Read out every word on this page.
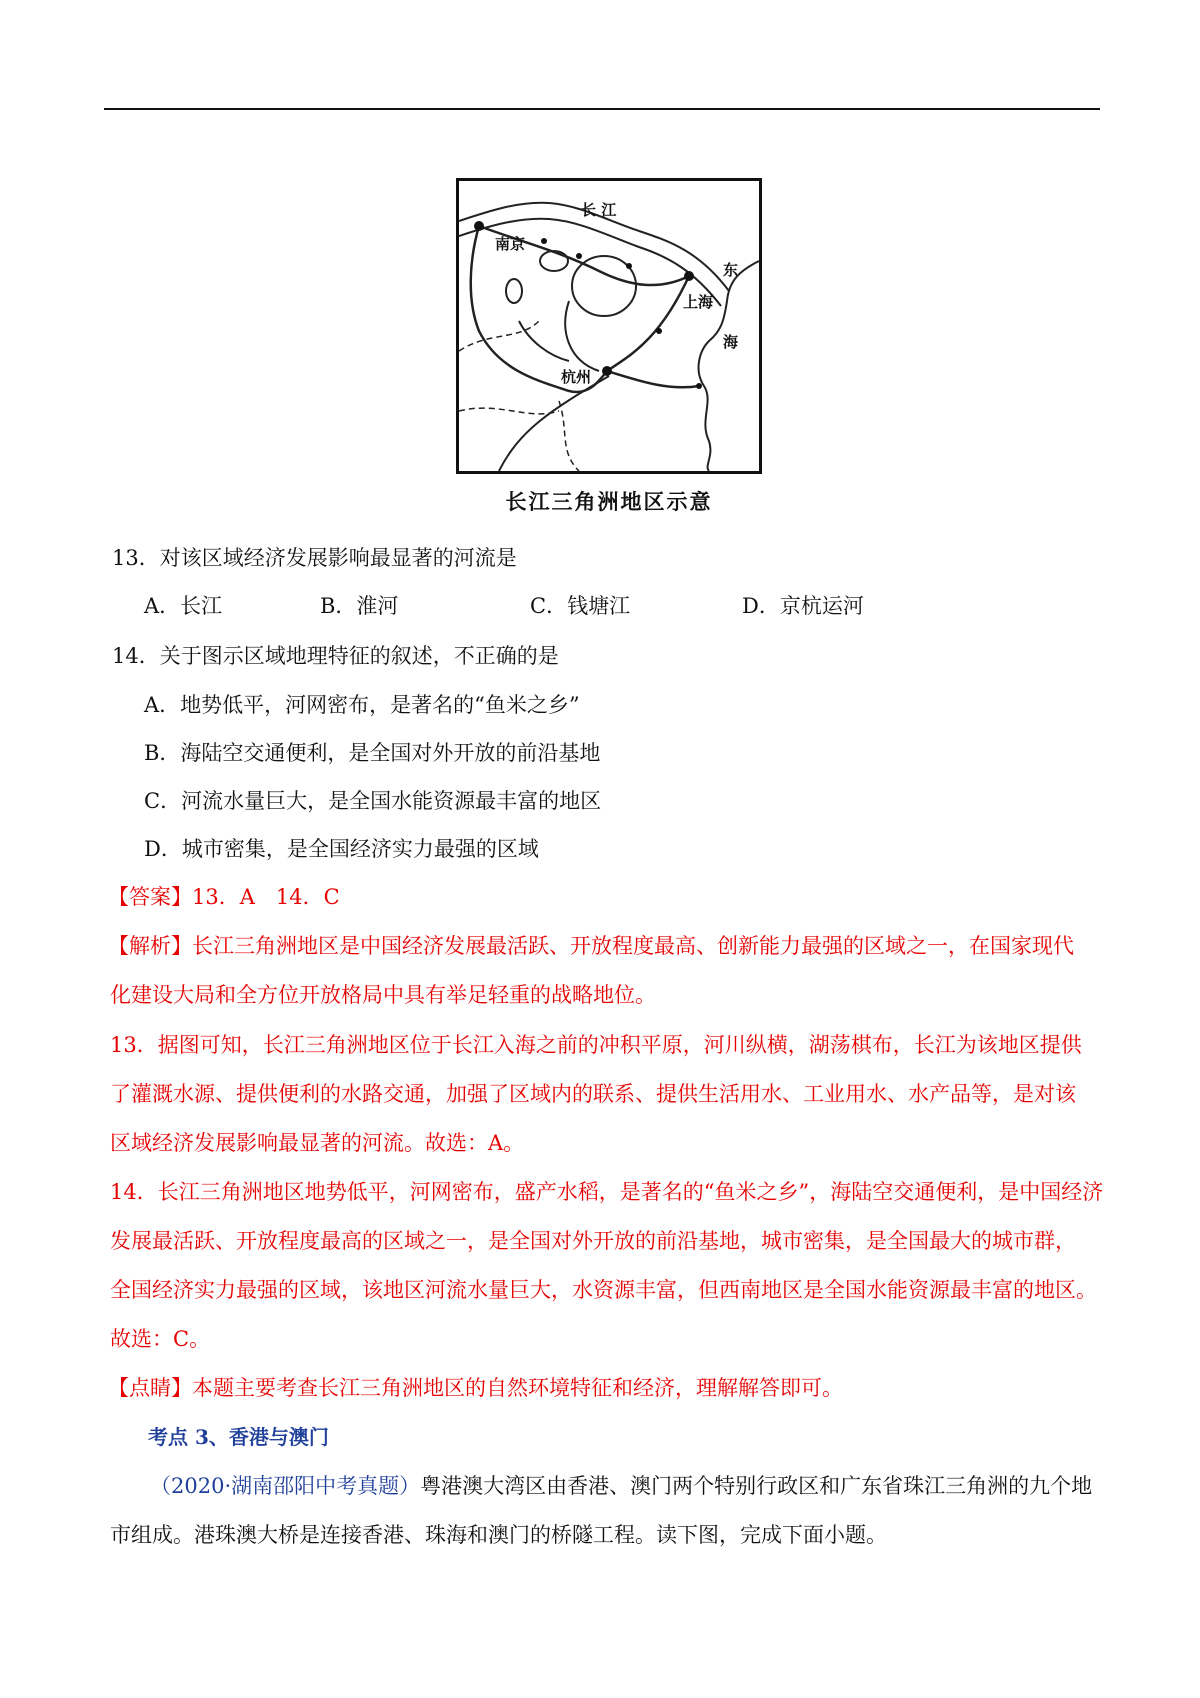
长 江
南京
上海
东
海
杭州
长江三角洲地区示意
13．对该区域经济发展影响最显著的河流是
A．长江	B．淮河	C．钱塘江	D．京杭运河
14．关于图示区域地理特征的叙述，不正确的是
A．地势低平，河网密布，是著名的“鱼米之乡”
B．海陆空交通便利，是全国对外开放的前沿基地
C．河流水量巨大，是全国水能资源最丰富的地区
D．城市密集，是全国经济实力最强的区域
【答案】13．A　14．C
【解析】长江三角洲地区是中国经济发展最活跃、开放程度最高、创新能力最强的区域之一，在国家现代
化建设大局和全方位开放格局中具有举足轻重的战略地位。
13．据图可知，长江三角洲地区位于长江入海之前的冲积平原，河川纵横，湖荡棋布，长江为该地区提供
了灌溉水源、提供便利的水路交通，加强了区域内的联系、提供生活用水、工业用水、水产品等，是对该
区域经济发展影响最显著的河流。故选：A。
14．长江三角洲地区地势低平，河网密布，盛产水稻，是著名的“鱼米之乡”，海陆空交通便利，是中国经济
发展最活跃、开放程度最高的区域之一，是全国对外开放的前沿基地，城市密集，是全国最大的城市群，
全国经济实力最强的区域，该地区河流水量巨大，水资源丰富，但西南地区是全国水能资源最丰富的地区。
故选：C。
【点睛】本题主要考查长江三角洲地区的自然环境特征和经济，理解解答即可。
考点 3、香港与澳门
（2020·湖南邵阳中考真题）粤港澳大湾区由香港、澳门两个特别行政区和广东省珠江三角洲的九个地
市组成。港珠澳大桥是连接香港、珠海和澳门的桥隧工程。读下图，完成下面小题。
